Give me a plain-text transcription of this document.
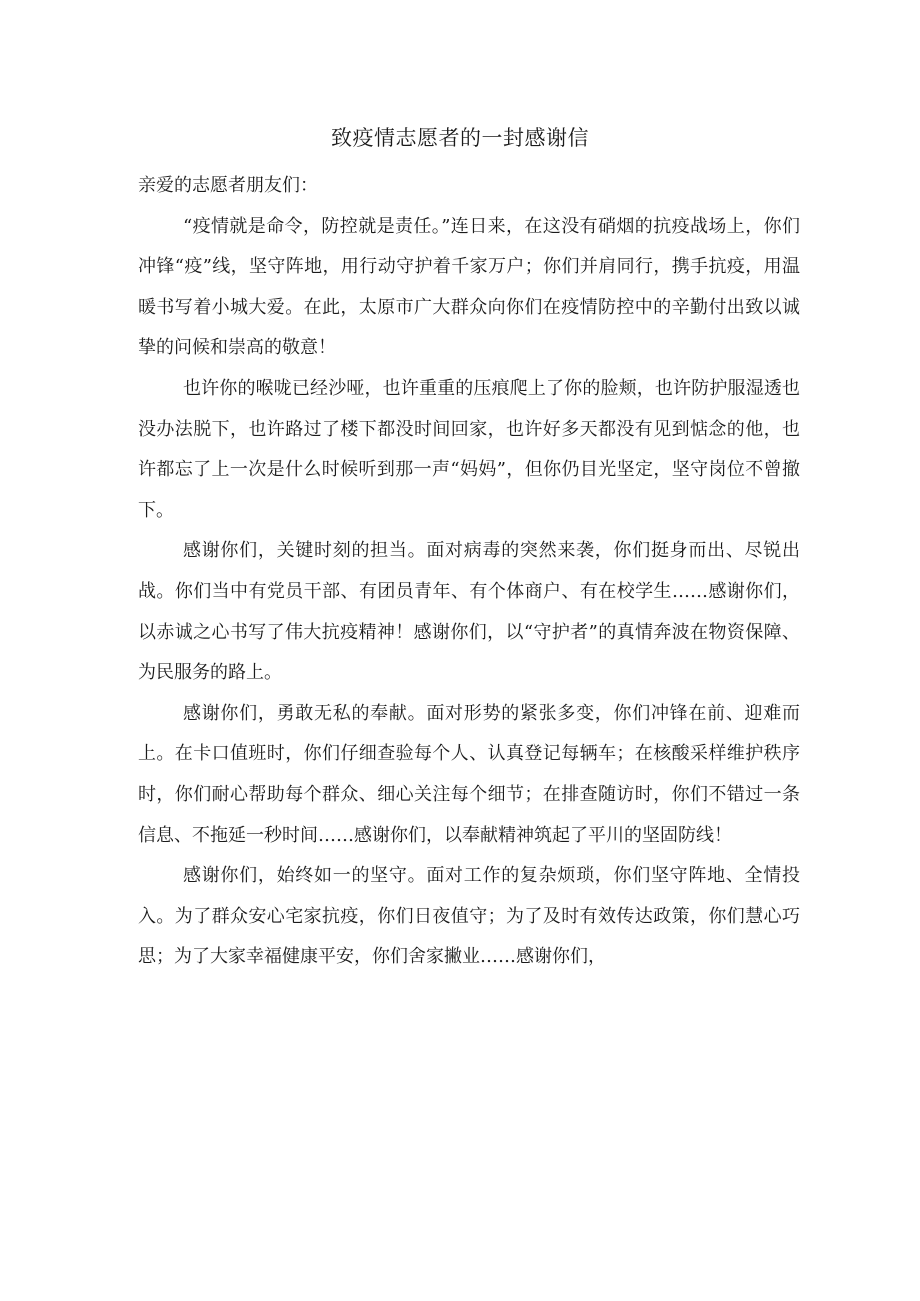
致疫情志愿者的一封感谢信

亲爱的志愿者朋友们：

“疫情就是命令，防控就是责任。”连日来，在这没有硝烟的抗疫战场上，你们冲锋“疫”线，坚守阵地，用行动守护着千家万户；你们并肩同行，携手抗疫，用温暖书写着小城大爱。在此，太原市广大群众向你们在疫情防控中的辛勤付出致以诚挚的问候和崇高的敬意！

也许你的喉咙已经沙哑，也许重重的压痕爬上了你的脸颊，也许防护服湿透也没办法脱下，也许路过了楼下都没时间回家，也许好多天都没有见到惦念的他，也许都忘了上一次是什么时候听到那一声“妈妈”，但你仍目光坚定，坚守岗位不曾撤下。

感谢你们，关键时刻的担当。面对病毒的突然来袭，你们挺身而出、尽锐出战。你们当中有党员干部、有团员青年、有个体商户、有在校学生……感谢你们，以赤诚之心书写了伟大抗疫精神！感谢你们，以“守护者”的真情奔波在物资保障、为民服务的路上。

感谢你们，勇敢无私的奉献。面对形势的紧张多变，你们冲锋在前、迎难而上。在卡口值班时，你们仔细查验每个人、认真登记每辆车；在核酸采样维护秩序时，你们耐心帮助每个群众、细心关注每个细节；在排查随访时，你们不错过一条信息、不拖延一秒时间……感谢你们，以奉献精神筑起了平川的坚固防线！

感谢你们，始终如一的坚守。面对工作的复杂烦琐，你们坚守阵地、全情投入。为了群众安心宅家抗疫，你们日夜值守；为了及时有效传达政策，你们慧心巧思；为了大家幸福健康平安，你们舍家撇业……感谢你们，
